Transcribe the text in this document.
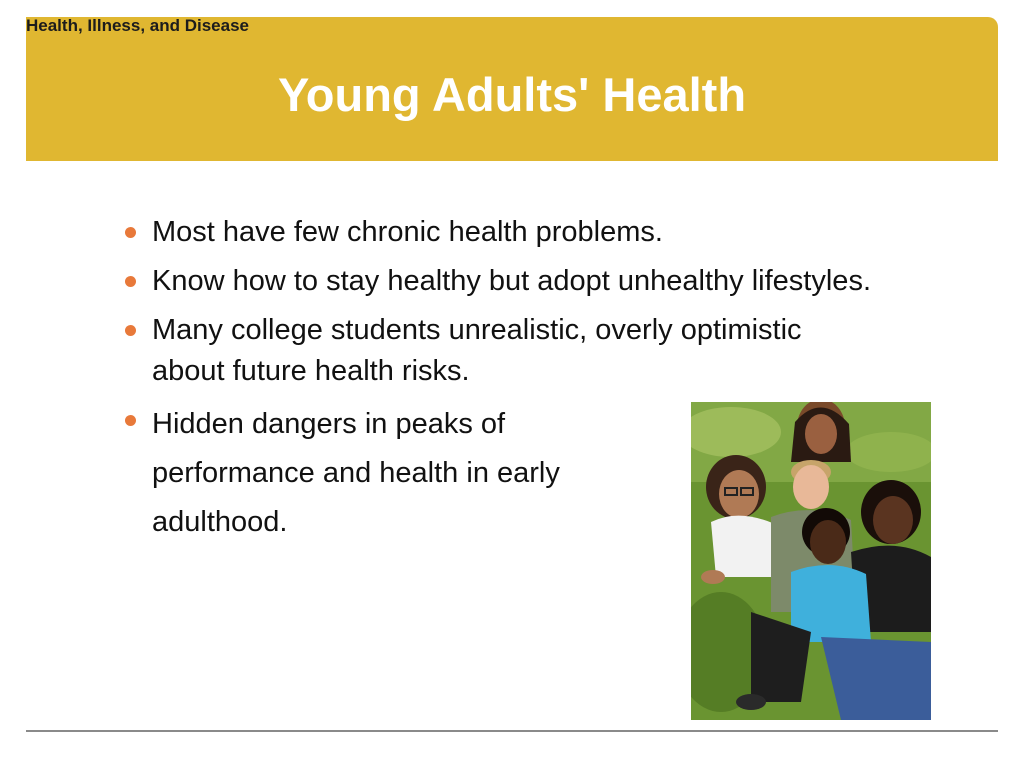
Health, Illness, and Disease
Young Adults' Health
Most have few chronic health problems.
Know how to stay healthy but adopt unhealthy lifestyles.
Many college students unrealistic, overly optimistic about future health risks.
Hidden dangers in peaks of performance and health in early adulthood.
